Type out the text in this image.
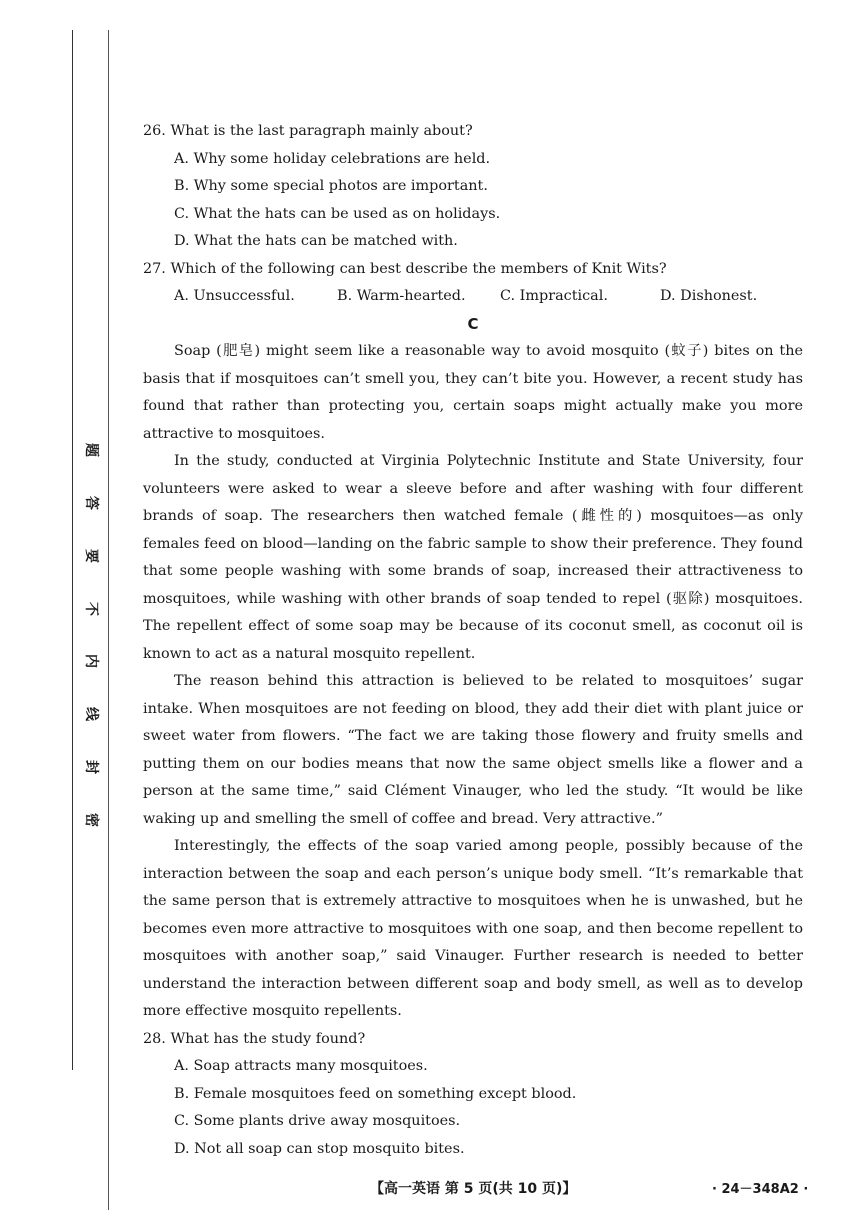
题
答
要
不
内
线
封
密

26. What is the last paragraph mainly about?

A. Why some holiday celebrations are held.

B. Why some special photos are important.

C. What the hats can be used as on holidays.

D. What the hats can be matched with.

27. Which of the following can best describe the members of Knit Wits?

A. Unsuccessful.	B. Warm-hearted.	C. Impractical.	D. Dishonest.

C

Soap (肥皂) might seem like a reasonable way to avoid mosquito (蚊子) bites on the basis that if mosquitoes can’t smell you, they can’t bite you. However, a recent study has found that rather than protecting you, certain soaps might actually make you more attractive to mosquitoes.

In the study, conducted at Virginia Polytechnic Institute and State University, four volunteers were asked to wear a sleeve before and after washing with four different brands of soap. The researchers then watched female (雌性的) mosquitoes—as only females feed on blood—landing on the fabric sample to show their preference. They found that some people washing with some brands of soap, increased their attractiveness to mosquitoes, while washing with other brands of soap tended to repel (驱除) mosquitoes. The repellent effect of some soap may be because of its coconut smell, as coconut oil is known to act as a natural mosquito repellent.

The reason behind this attraction is believed to be related to mosquitoes’ sugar intake. When mosquitoes are not feeding on blood, they add their diet with plant juice or sweet water from flowers. “The fact we are taking those flowery and fruity smells and putting them on our bodies means that now the same object smells like a flower and a person at the same time,” said Clément Vinauger, who led the study. “It would be like waking up and smelling the smell of coffee and bread. Very attractive.”

Interestingly, the effects of the soap varied among people, possibly because of the interaction between the soap and each person’s unique body smell. “It’s remarkable that the same person that is extremely attractive to mosquitoes when he is unwashed, but he becomes even more attractive to mosquitoes with one soap, and then become repellent to mosquitoes with another soap,” said Vinauger. Further research is needed to better understand the interaction between different soap and body smell, as well as to develop more effective mosquito repellents.

28. What has the study found?

A. Soap attracts many mosquitoes.

B. Female mosquitoes feed on something except blood.

C. Some plants drive away mosquitoes.

D. Not all soap can stop mosquito bites.

【高一英语 第 5 页(共 10 页)】	· 24－348A2 ·
